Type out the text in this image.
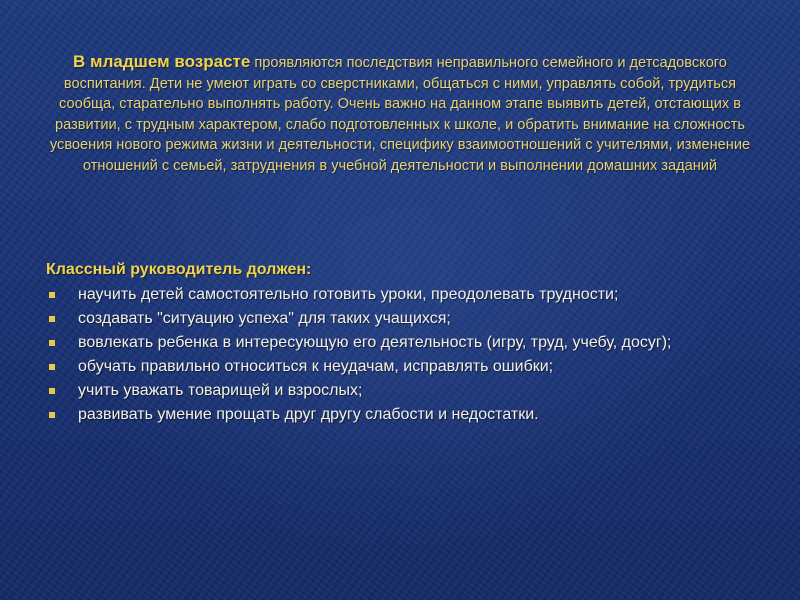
В младшем возрасте проявляются последствия неправильного семейного и детсадовского воспитания. Дети не умеют играть со сверстниками, общаться с ними, управлять собой, трудиться сообща, старательно выполнять работу. Очень важно на данном этапе выявить детей, отстающих в развитии, с трудным характером, слабо подготовленных к школе, и обратить внимание на сложность усвоения нового режима жизни и деятельности, специфику взаимоотношений с учителями, изменение отношений с семьей, затруднения в учебной деятельности и выполнении домашних заданий

Классный руководитель должен:
научить детей самостоятельно готовить уроки, преодолевать трудности;
создавать "ситуацию успеха" для таких учащихся;
вовлекать ребенка в интересующую его деятельность (игру, труд, учебу, досуг);
обучать правильно относиться к неудачам, исправлять ошибки;
учить уважать товарищей и взрослых;
развивать умение прощать друг другу слабости и недостатки.
